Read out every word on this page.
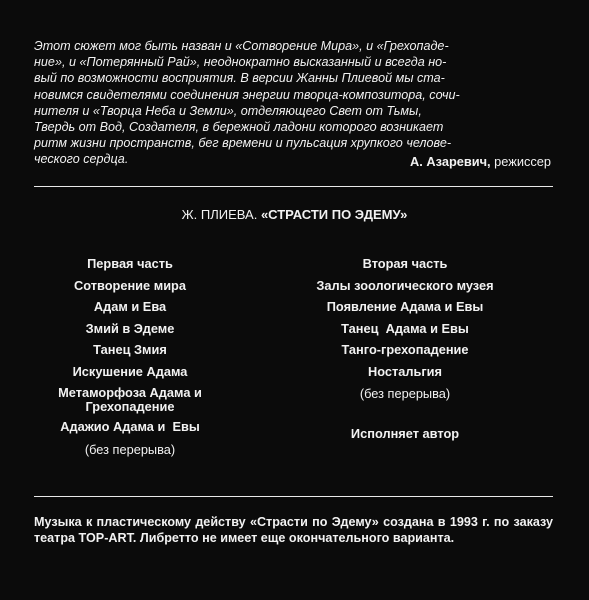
Этот сюжет мог быть назван и «Сотворение Мира», и «Грехопаде-
ние», и «Потерянный Рай», неоднократно высказанный и всегда но-
вый по возможности восприятия. В версии Жанны Плиевой мы ста-
новимся свидетелями соединения энергии творца-композитора, сочи-
нителя и «Творца Неба и Земли», отделяющего Свет от Тьмы,
Твердь от Вод, Создателя, в бережной ладони которого возникает
ритм жизни пространств, бег времени и пульсация хрупкого челове-
ческого сердца.	А. Азаревич, режиссер
Ж. ПЛИЕВА. «СТРАСТИ ПО ЭДЕМУ»
Первая часть
Сотворение мира
Адам и Ева
Змий в Эдеме
Танец Змия
Искушение Адама
Метаморфоза Адама и
Грехопадение
Адажио Адама и  Евы
(без перерыва)
Вторая часть
Залы зоологического музея
Появление Адама и Евы
Танец  Адама и Евы
Танго-грехопадение
Ностальгия
(без перерыва)
Исполняет автор
Музыка к пластическому действу «Страсти по Эдему» создана в 1993 г. по заказу театра TOP-ART. Либретто не имеет еще окончательного варианта.
